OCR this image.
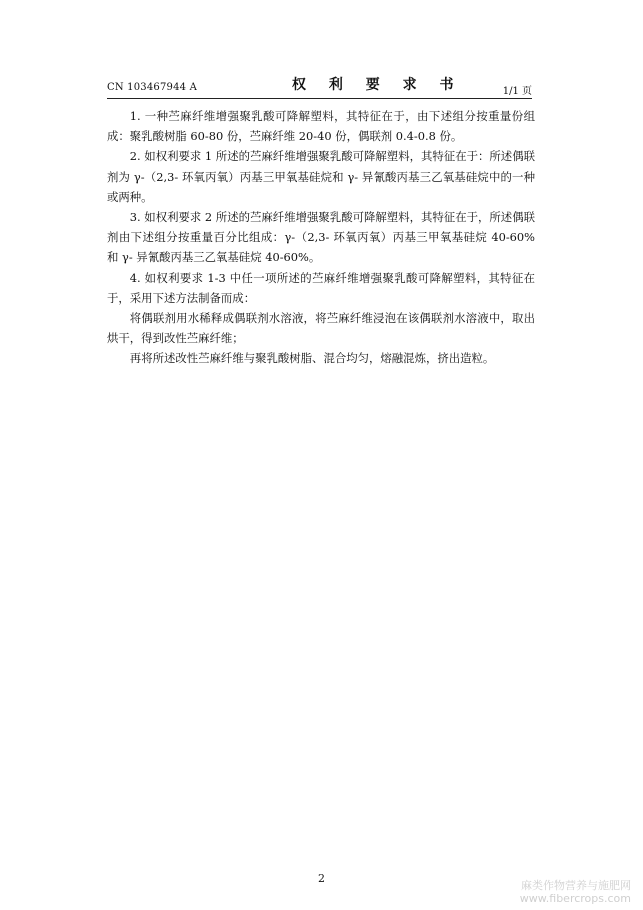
CN 103467944 A	权 利 要 求 书	1/1 页

1. 一种苎麻纤维增强聚乳酸可降解塑料，其特征在于，由下述组分按重量份组成：聚乳酸树脂 60-80 份，苎麻纤维 20-40 份，偶联剂 0.4-0.8 份。

2. 如权利要求 1 所述的苎麻纤维增强聚乳酸可降解塑料，其特征在于：所述偶联剂为 γ-（2,3- 环氧丙氧）丙基三甲氧基硅烷和 γ- 异氰酸丙基三乙氧基硅烷中的一种或两种。

3. 如权利要求 2 所述的苎麻纤维增强聚乳酸可降解塑料，其特征在于，所述偶联剂由下述组分按重量百分比组成：γ-（2,3- 环氧丙氧）丙基三甲氧基硅烷 40-60% 和 γ- 异氰酸丙基三乙氧基硅烷 40-60%。

4. 如权利要求 1-3 中任一项所述的苎麻纤维增强聚乳酸可降解塑料，其特征在于，采用下述方法制备而成：

将偶联剂用水稀释成偶联剂水溶液，将苎麻纤维浸泡在该偶联剂水溶液中，取出烘干，得到改性苎麻纤维；

再将所述改性苎麻纤维与聚乳酸树脂、混合均匀，熔融混炼，挤出造粒。

2
麻类作物营养与施肥网
www.fibercrops.com
